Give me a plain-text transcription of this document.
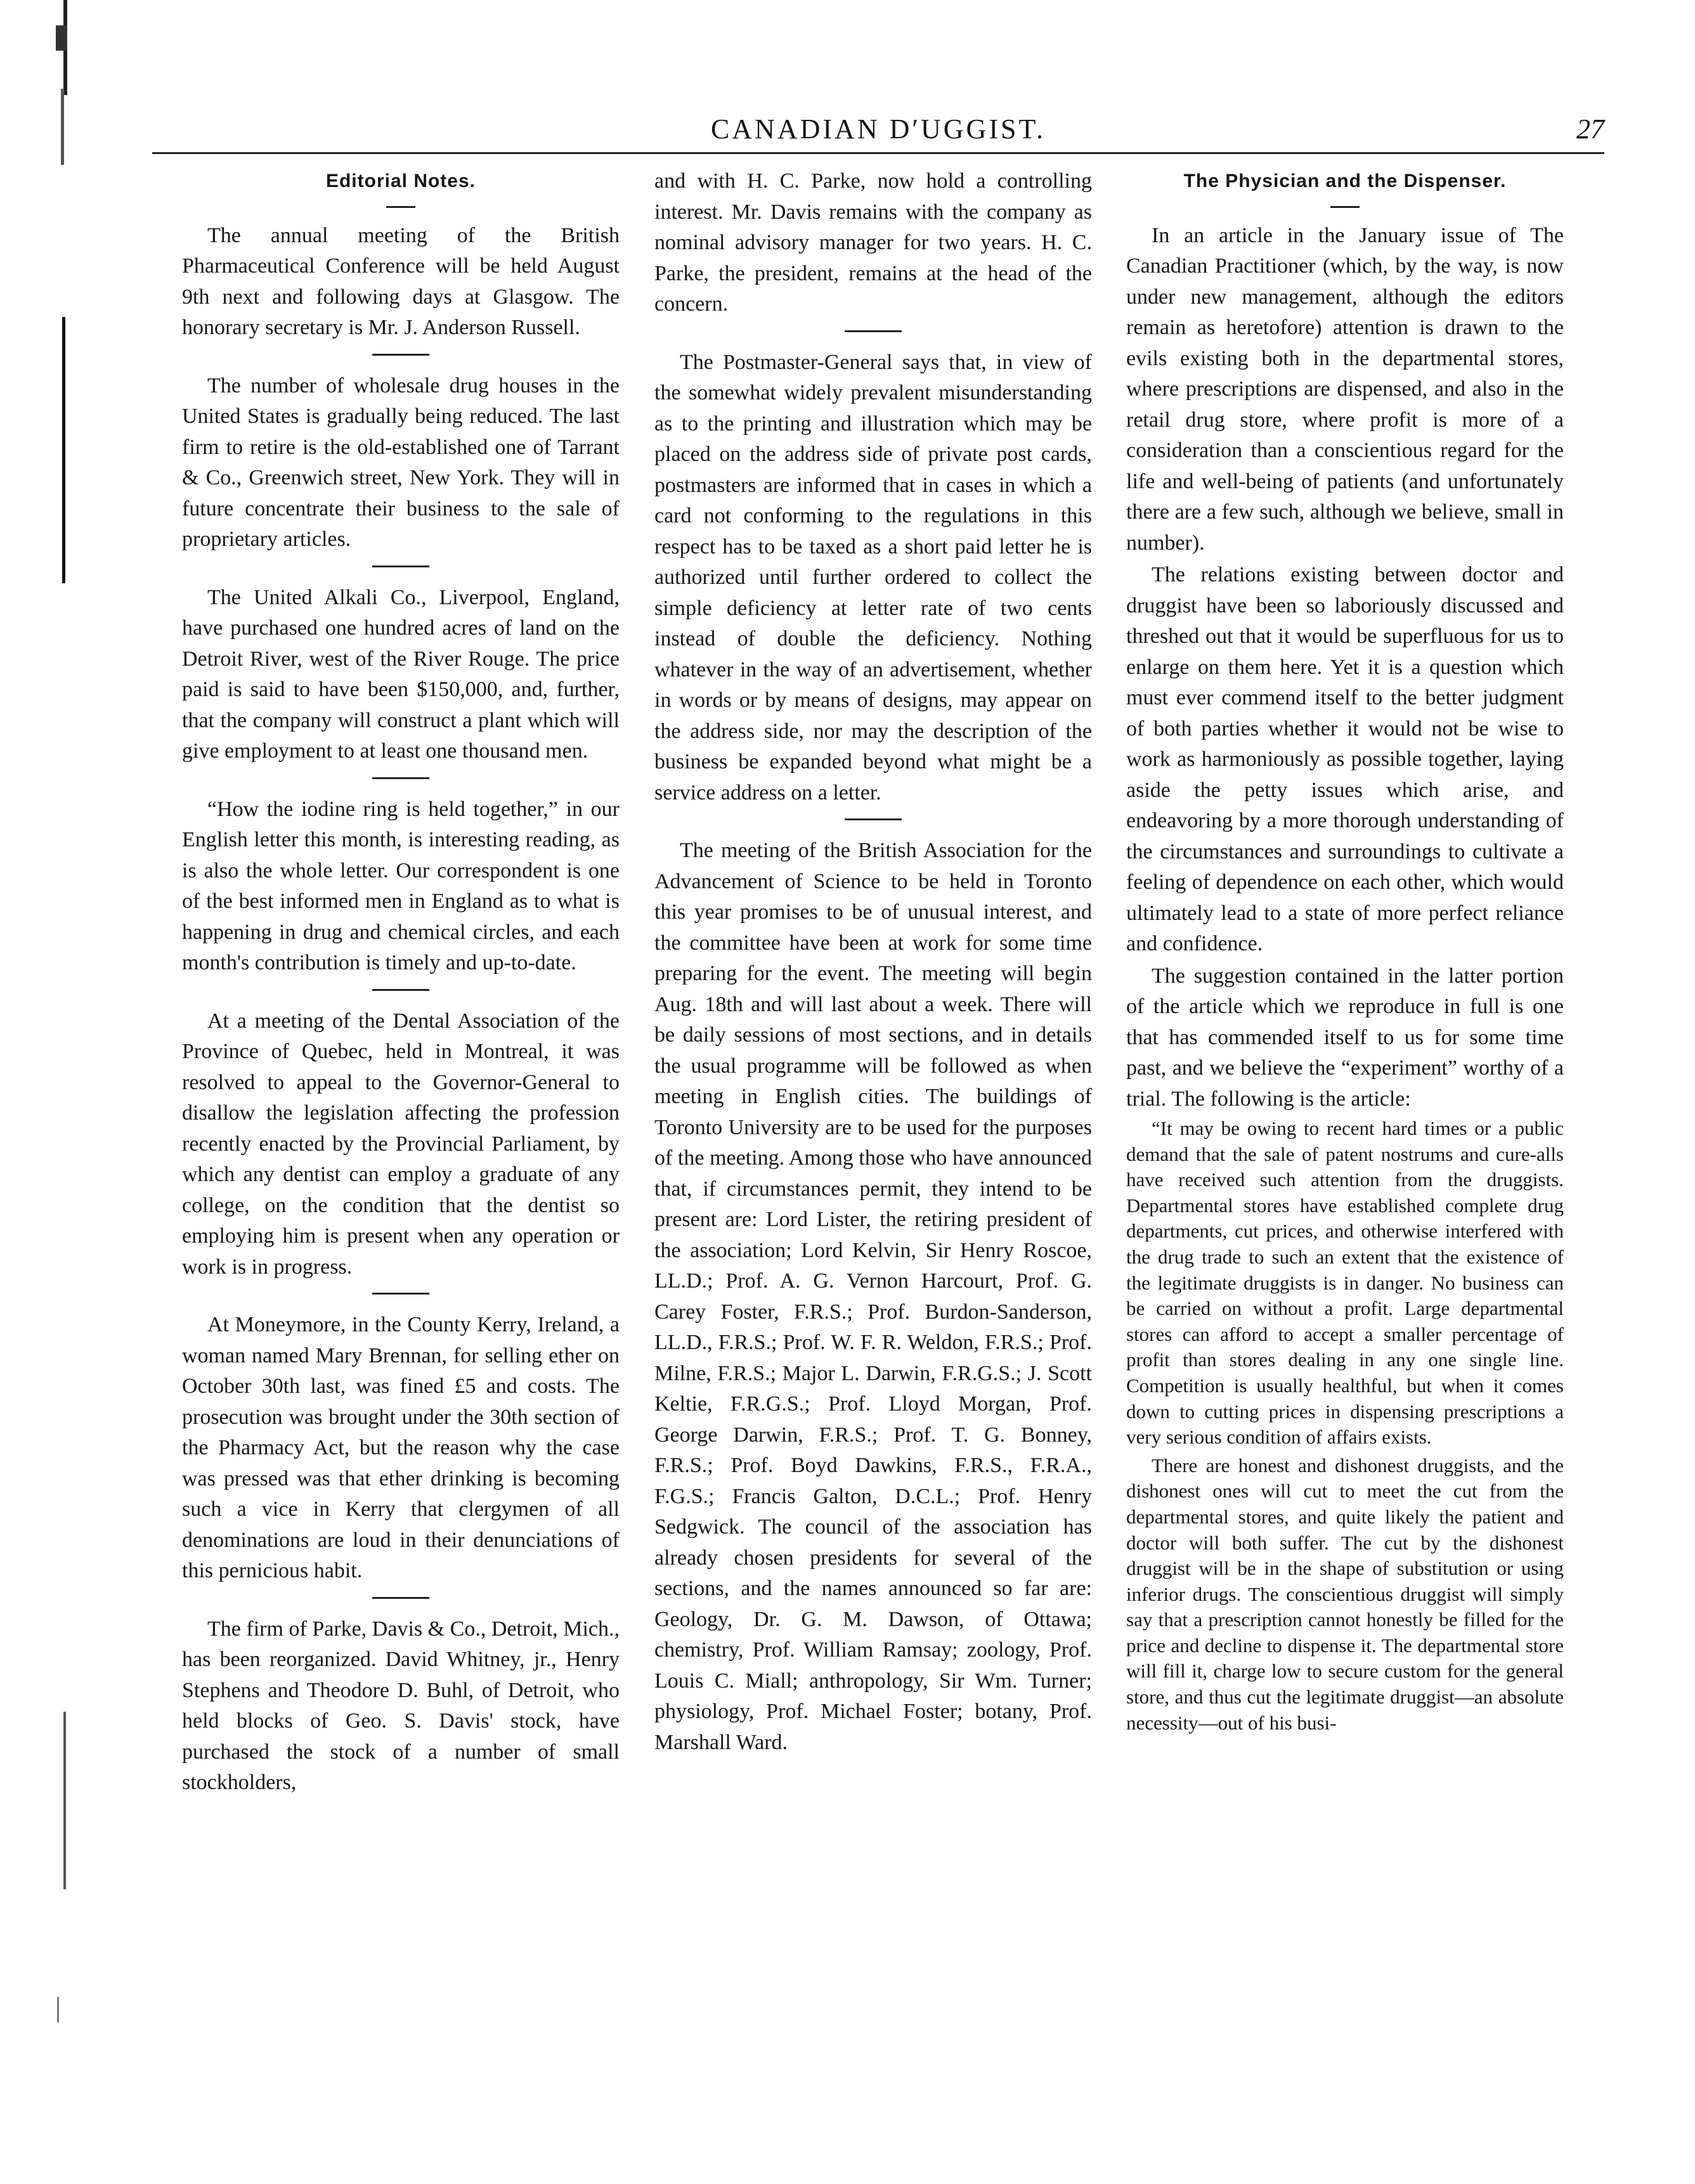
CANADIAN D′UGGIST.	27
Editorial Notes.

The annual meeting of the British Pharmaceutical Conference will be held August 9th next and following days at Glasgow. The honorary secretary is Mr. J. Anderson Russell.

The number of wholesale drug houses in the United States is gradually being reduced. The last firm to retire is the old-established one of Tarrant & Co., Greenwich street, New York. They will in future concentrate their business to the sale of proprietary articles.

The United Alkali Co., Liverpool, England, have purchased one hundred acres of land on the Detroit River, west of the River Rouge. The price paid is said to have been $150,000, and, further, that the company will construct a plant which will give employment to at least one thousand men.

“How the iodine ring is held together,” in our English letter this month, is interesting reading, as is also the whole letter. Our correspondent is one of the best informed men in England as to what is happening in drug and chemical circles, and each month's contribution is timely and up-to-date.

At a meeting of the Dental Association of the Province of Quebec, held in Montreal, it was resolved to appeal to the Governor-General to disallow the legislation affecting the profession recently enacted by the Provincial Parliament, by which any dentist can employ a graduate of any college, on the condition that the dentist so employing him is present when any operation or work is in progress.

At Moneymore, in the County Kerry, Ireland, a woman named Mary Brennan, for selling ether on October 30th last, was fined £5 and costs. The prosecution was brought under the 30th section of the Pharmacy Act, but the reason why the case was pressed was that ether drinking is becoming such a vice in Kerry that clergymen of all denominations are loud in their denunciations of this pernicious habit.

The firm of Parke, Davis & Co., Detroit, Mich., has been reorganized. David Whitney, jr., Henry Stephens and Theodore D. Buhl, of Detroit, who held blocks of Geo. S. Davis' stock, have purchased the stock of a number of small stockholders,

and with H. C. Parke, now hold a controlling interest. Mr. Davis remains with the company as nominal advisory manager for two years. H. C. Parke, the president, remains at the head of the concern.

The Postmaster-General says that, in view of the somewhat widely prevalent misunderstanding as to the printing and illustration which may be placed on the address side of private post cards, postmasters are informed that in cases in which a card not conforming to the regulations in this respect has to be taxed as a short paid letter he is authorized until further ordered to collect the simple deficiency at letter rate of two cents instead of double the deficiency. Nothing whatever in the way of an advertisement, whether in words or by means of designs, may appear on the address side, nor may the description of the business be expanded beyond what might be a service address on a letter.

The meeting of the British Association for the Advancement of Science to be held in Toronto this year promises to be of unusual interest, and the committee have been at work for some time preparing for the event. The meeting will begin Aug. 18th and will last about a week. There will be daily sessions of most sections, and in details the usual programme will be followed as when meeting in English cities. The buildings of Toronto University are to be used for the purposes of the meeting. Among those who have announced that, if circumstances permit, they intend to be present are: Lord Lister, the retiring president of the association; Lord Kelvin, Sir Henry Roscoe, LL.D.; Prof. A. G. Vernon Harcourt, Prof. G. Carey Foster, F.R.S.; Prof. Burdon-Sanderson, LL.D., F.R.S.; Prof. W. F. R. Weldon, F.R.S.; Prof. Milne, F.R.S.; Major L. Darwin, F.R.G.S.; J. Scott Keltie, F.R.G.S.; Prof. Lloyd Morgan, Prof. George Darwin, F.R.S.; Prof. T. G. Bonney, F.R.S.; Prof. Boyd Dawkins, F.R.S., F.R.A., F.G.S.; Francis Galton, D.C.L.; Prof. Henry Sedgwick. The council of the association has already chosen presidents for several of the sections, and the names announced so far are: Geology, Dr. G. M. Dawson, of Ottawa; chemistry, Prof. William Ramsay; zoology, Prof. Louis C. Miall; anthropology, Sir Wm. Turner; physiology, Prof. Michael Foster; botany, Prof. Marshall Ward.

The Physician and the Dispenser.

In an article in the January issue of The Canadian Practitioner (which, by the way, is now under new management, although the editors remain as heretofore) attention is drawn to the evils existing both in the departmental stores, where prescriptions are dispensed, and also in the retail drug store, where profit is more of a consideration than a conscientious regard for the life and well-being of patients (and unfortunately there are a few such, although we believe, small in number).

The relations existing between doctor and druggist have been so laboriously discussed and threshed out that it would be superfluous for us to enlarge on them here. Yet it is a question which must ever commend itself to the better judgment of both parties whether it would not be wise to work as harmoniously as possible together, laying aside the petty issues which arise, and endeavoring by a more thorough understanding of the circumstances and surroundings to cultivate a feeling of dependence on each other, which would ultimately lead to a state of more perfect reliance and confidence.

The suggestion contained in the latter portion of the article which we reproduce in full is one that has commended itself to us for some time past, and we believe the “experiment” worthy of a trial. The following is the article:

“It may be owing to recent hard times or a public demand that the sale of patent nostrums and cure-alls have received such attention from the druggists. Departmental stores have established complete drug departments, cut prices, and otherwise interfered with the drug trade to such an extent that the existence of the legitimate druggists is in danger. No business can be carried on without a profit. Large departmental stores can afford to accept a smaller percentage of profit than stores dealing in any one single line. Competition is usually healthful, but when it comes down to cutting prices in dispensing prescriptions a very serious condition of affairs exists.

There are honest and dishonest druggists, and the dishonest ones will cut to meet the cut from the departmental stores, and quite likely the patient and doctor will both suffer. The cut by the dishonest druggist will be in the shape of substitution or using inferior drugs. The conscientious druggist will simply say that a prescription cannot honestly be filled for the price and decline to dispense it. The departmental store will fill it, charge low to secure custom for the general store, and thus cut the legitimate druggist—an absolute necessity—out of his busi-
